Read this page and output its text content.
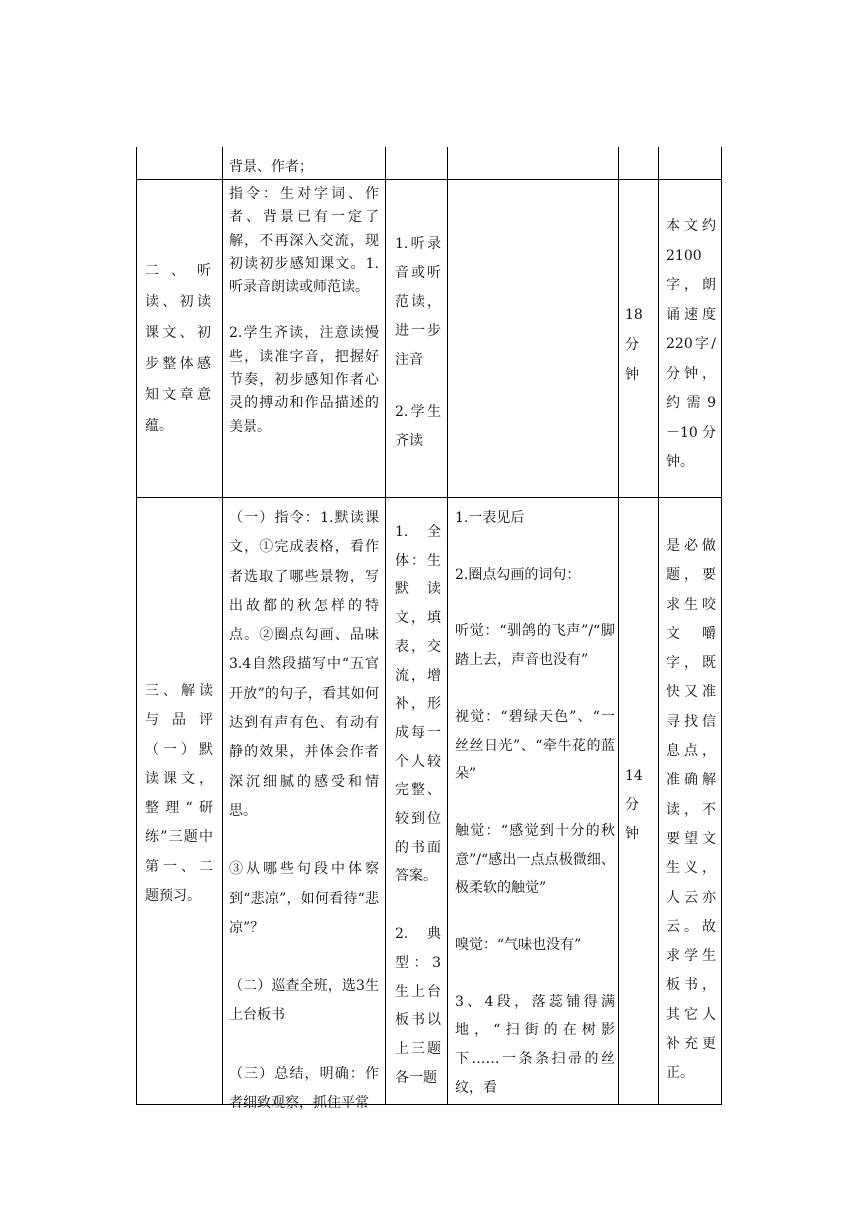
背景、作者；

二、听读、初读课文、初步整体感知文章意蕴。

指令：生对字词、作者、背景已有一定了解，不再深入交流，现初读初步感知课文。1.听录音朗读或师范读。

2.学生齐读，注意读慢些，读准字音，把握好节奏，初步感知作者心灵的搏动和作品描述的美景。

1.听录音或听范读，进一步注音

2.学生齐读

18分钟

本文约2100字，朗诵速度220字/分钟，约需9－10分钟。

三、解读与品评（一）默读课文，整理“研练”三题中第一、二题预习。

（一）指令：1.默读课文，①完成表格，看作者选取了哪些景物，写出故都的秋怎样的特点。②圈点勾画、品味3.4自然段描写中“五官开放”的句子，看其如何达到有声有色、有动有静的效果，并体会作者深沉细腻的感受和情思。

③从哪些句段中体察到“悲凉”，如何看待“悲凉”？

（二）巡查全班，选3生上台板书

（三）总结，明确：作者细致观察，抓住平常

1.全体：生默读文，填表，交流，增补，形成每一个人较完整、较到位的书面答案。

2.典型：3生上台板书以上三题各一题

1.一表见后

2.圈点勾画的词句：

听觉：“驯鸽的飞声”/“脚踏上去，声音也没有”

视觉：“碧绿天色”、“一丝丝日光”、“牵牛花的蓝朵”

触觉：“感觉到十分的秋意”/“感出一点点极微细、极柔软的触觉”

嗅觉：“气味也没有”

3、4段，落蕊铺得满地，“扫街的在树影下……一条条扫帚的丝纹，看

14分钟

是必做题，要求生咬文嚼字，既快又准寻找信息点，准确解读，不要望文生义，人云亦云。故求学生板书，其它人补充更正。
